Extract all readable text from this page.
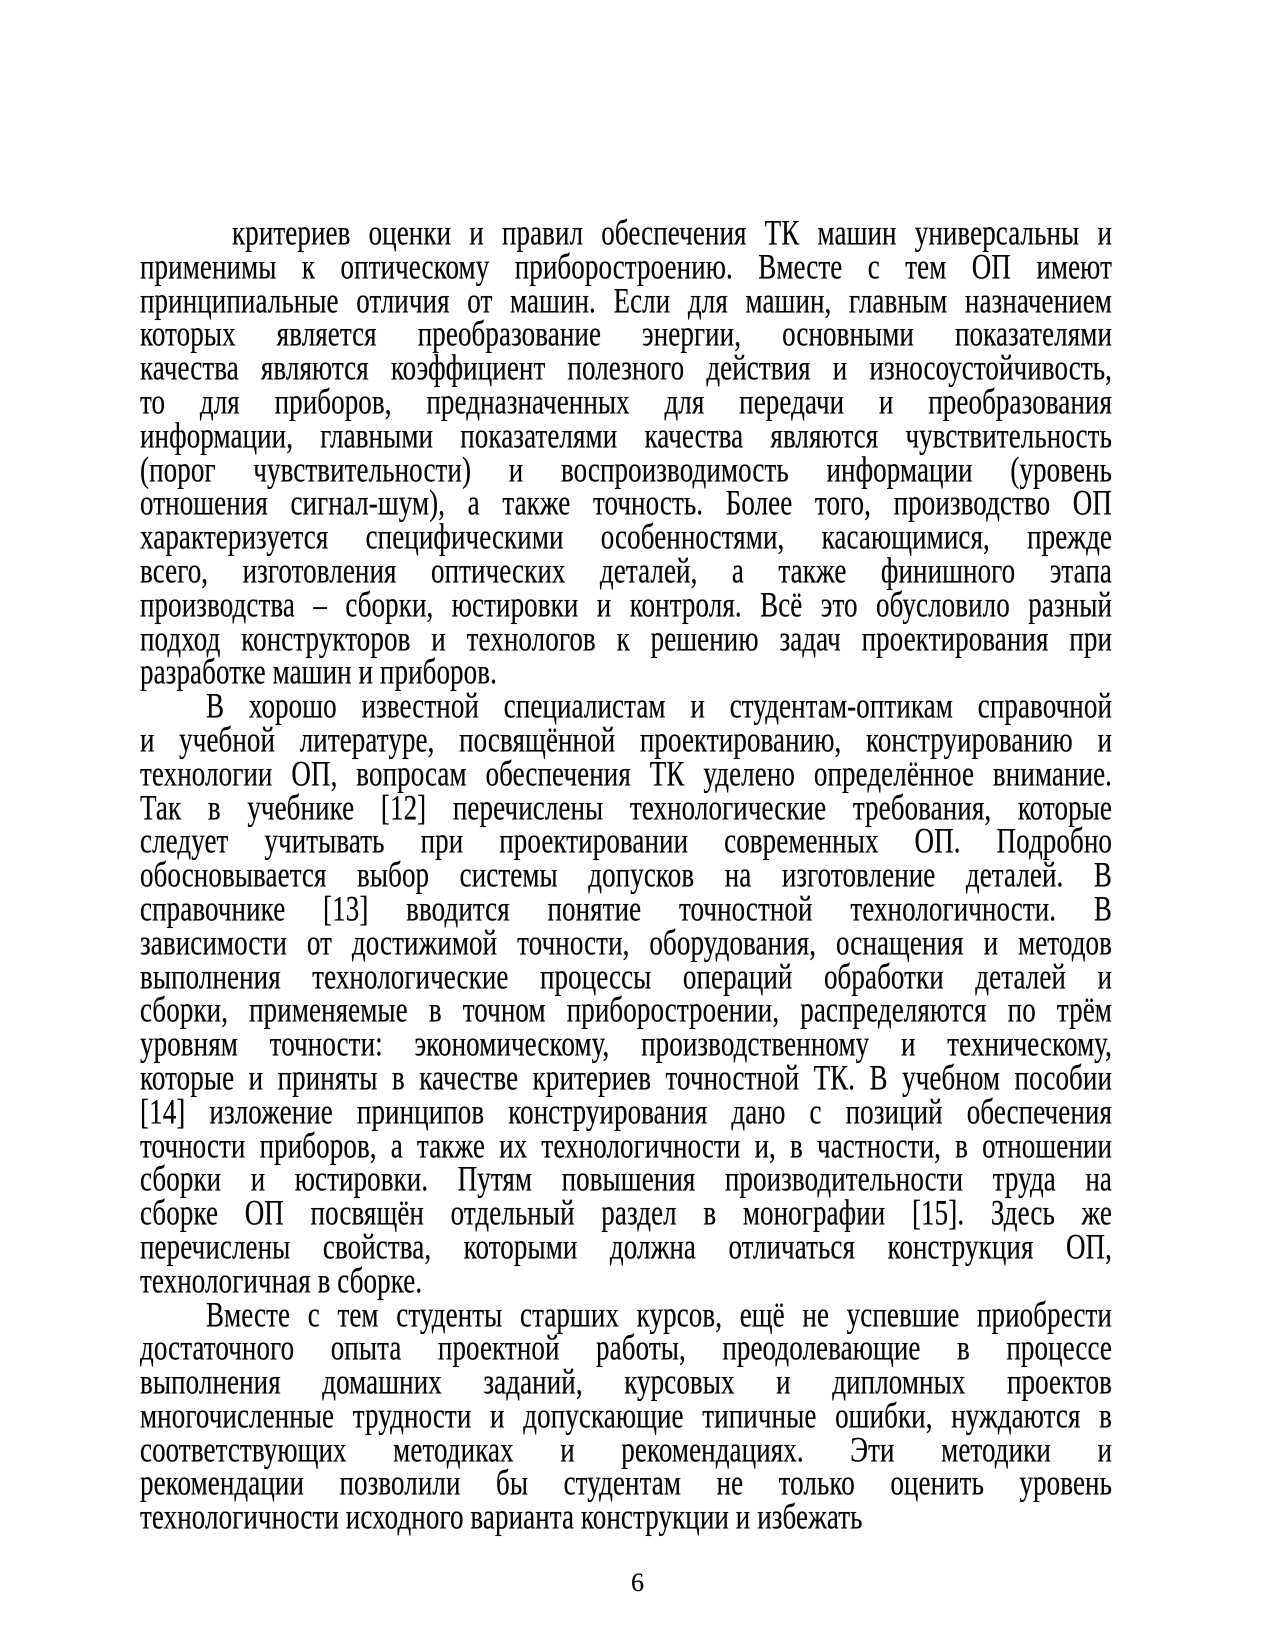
критериев оценки и правил обеспечения ТК машин универсальны и
применимы к оптическому приборостроению. Вместе с тем ОП имеют
принципиальные отличия от машин. Если для машин, главным назначением
которых является преобразование энергии, основными показателями
качества являются коэффициент полезного действия и износоустойчивость,
то для приборов, предназначенных для передачи и преобразования
информации, главными показателями качества являются чувствительность
(порог чувствительности) и воспроизводимость информации (уровень
отношения сигнал-шум), а также точность. Более того, производство ОП
характеризуется специфическими особенностями, касающимися, прежде
всего, изготовления оптических деталей, а также финишного этапа
производства – сборки, юстировки и контроля. Всё это обусловило разный
подход конструкторов и технологов к решению задач проектирования при
разработке машин и приборов.
В хорошо известной специалистам и студентам-оптикам справочной
и учебной литературе, посвящённой проектированию, конструированию и
технологии ОП, вопросам обеспечения ТК уделено определённое внимание.
Так в учебнике [12] перечислены технологические требования, которые
следует учитывать при проектировании современных ОП. Подробно
обосновывается выбор системы допусков на изготовление деталей. В
справочнике [13] вводится понятие точностной технологичности. В
зависимости от достижимой точности, оборудования, оснащения и методов
выполнения технологические процессы операций обработки деталей и
сборки, применяемые в точном приборостроении, распределяются по трём
уровням точности: экономическому, производственному и техническому,
которые и приняты в качестве критериев точностной ТК. В учебном пособии
[14] изложение принципов конструирования дано с позиций обеспечения
точности приборов, а также их технологичности и, в частности, в отношении
сборки и юстировки. Путям повышения производительности труда на
сборке ОП посвящён отдельный раздел в монографии [15]. Здесь же
перечислены свойства, которыми должна отличаться конструкция ОП,
технологичная в сборке.
Вместе с тем студенты старших курсов, ещё не успевшие приобрести
достаточного опыта проектной работы, преодолевающие в процессе
выполнения домашних заданий, курсовых и дипломных проектов
многочисленные трудности и допускающие типичные ошибки, нуждаются в
соответствующих методиках и рекомендациях. Эти методики и
рекомендации позволили бы студентам не только оценить уровень
технологичности исходного варианта конструкции и избежать
6
